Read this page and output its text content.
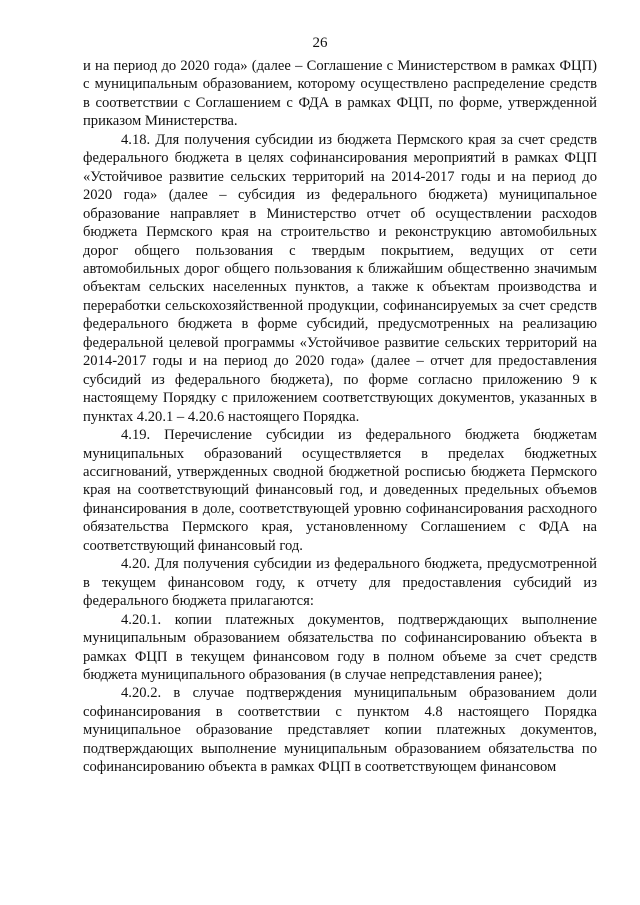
26

и на период до 2020 года» (далее – Соглашение с Министерством в рамках ФЦП) с муниципальным образованием, которому осуществлено распределение средств в соответствии с Соглашением с ФДА в рамках ФЦП, по форме, утвержденной приказом Министерства.

4.18. Для получения субсидии из бюджета Пермского края за счет средств федерального бюджета в целях софинансирования мероприятий в рамках ФЦП «Устойчивое развитие сельских территорий на 2014-2017 годы и на период до 2020 года» (далее – субсидия из федерального бюджета) муниципальное образование направляет в Министерство отчет об осуществлении расходов бюджета Пермского края на строительство и реконструкцию автомобильных дорог общего пользования с твердым покрытием, ведущих от сети автомобильных дорог общего пользования к ближайшим общественно значимым объектам сельских населенных пунктов, а также к объектам производства и переработки сельскохозяйственной продукции, софинансируемых за счет средств федерального бюджета в форме субсидий, предусмотренных на реализацию федеральной целевой программы «Устойчивое развитие сельских территорий на 2014-2017 годы и на период до 2020 года» (далее – отчет для предоставления субсидий из федерального бюджета), по форме согласно приложению 9 к настоящему Порядку с приложением соответствующих документов, указанных в пунктах 4.20.1 – 4.20.6 настоящего Порядка.

4.19. Перечисление субсидии из федерального бюджета бюджетам муниципальных образований осуществляется в пределах бюджетных ассигнований, утвержденных сводной бюджетной росписью бюджета Пермского края на соответствующий финансовый год, и доведенных предельных объемов финансирования в доле, соответствующей уровню софинансирования расходного обязательства Пермского края, установленному Соглашением с ФДА на соответствующий финансовый год.

4.20. Для получения субсидии из федерального бюджета, предусмотренной в текущем финансовом году, к отчету для предоставления субсидий из федерального бюджета прилагаются:

4.20.1. копии платежных документов, подтверждающих выполнение муниципальным образованием обязательства по софинансированию объекта в рамках ФЦП в текущем финансовом году в полном объеме за счет средств бюджета муниципального образования (в случае непредставления ранее);

4.20.2. в случае подтверждения муниципальным образованием доли софинансирования в соответствии с пунктом 4.8 настоящего Порядка муниципальное образование представляет копии платежных документов, подтверждающих выполнение муниципальным образованием обязательства по софинансированию объекта в рамках ФЦП в соответствующем финансовом
